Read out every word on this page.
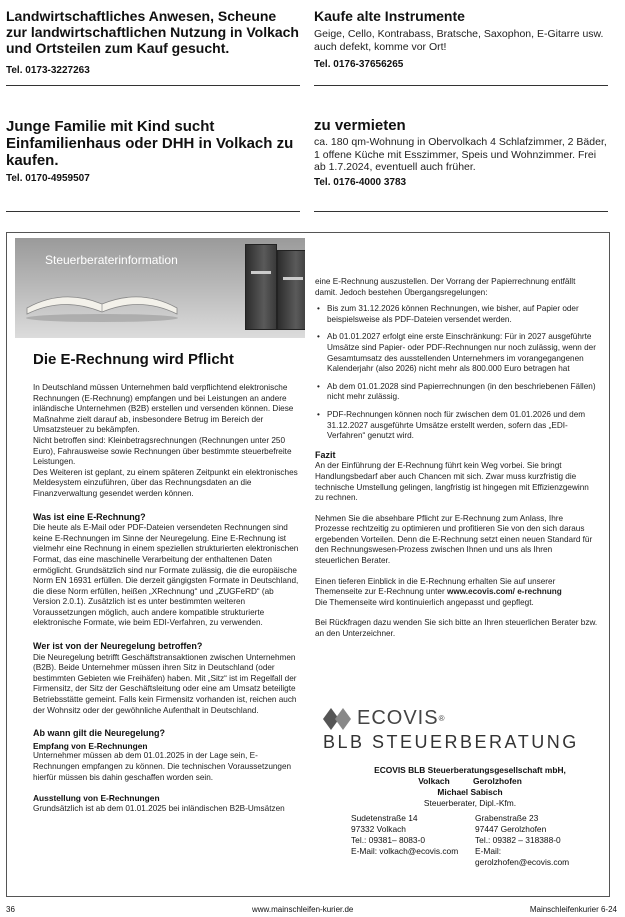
Landwirtschaftliches Anwesen, Scheune zur landwirtschaftlichen Nutzung in Volkach und Ortsteilen zum Kauf gesucht.
Tel. 0173-3227263
Kaufe alte Instrumente
Geige, Cello, Kontrabass, Bratsche, Saxophon, E-Gitarre usw. auch defekt, komme vor Ort!
Tel. 0176-37656265
Junge Familie mit Kind sucht Einfamilienhaus oder DHH in Volkach zu kaufen.
Tel. 0170-4959507
zu vermieten
ca. 180 qm-Wohnung in Obervolkach 4 Schlafzimmer, 2 Bäder, 1 offene Küche mit Esszimmer, Speis und Wohnzimmer. Frei ab 1.7.2024, eventuell auch früher.
Tel. 0176-4000 3783
Steuerberaterinformation
Die E-Rechnung wird Pflicht

In Deutschland müssen Unternehmen bald verpflichtend elektronische Rechnungen (E-Rechnung) empfangen und bei Leistungen an andere inländische Unternehmen (B2B) erstellen und versenden können. Diese Maßnahme zielt darauf ab, insbesondere Betrug im Bereich der Umsatzsteuer zu bekämpfen.

Nicht betroffen sind: Kleinbetragsrechnungen (Rechnungen unter 250 Euro), Fahrausweise sowie Rechnungen über bestimmte steuerbefreite Leistungen.

Des Weiteren ist geplant, zu einem späteren Zeitpunkt ein elektronisches Meldesystem einzuführen, über das Rechnungsdaten an die Finanzverwaltung gesendet werden können.

Was ist eine E-Rechnung?

Die heute als E-Mail oder PDF-Dateien versendeten Rechnungen sind keine E-Rechnungen im Sinne der Neuregelung. Eine E-Rechnung ist vielmehr eine Rechnung in einem speziellen strukturierten elektronischen Format, das eine maschinelle Verarbeitung der enthaltenen Daten ermöglicht. Grundsätzlich sind nur Formate zulässig, die die europäische Norm EN 16931 erfüllen. Die derzeit gängigsten Formate in Deutschland, die diese Norm erfüllen, heißen „XRechnung“ und „ZUGFeRD“ (ab Version 2.0.1). Zusätzlich ist es unter bestimmten weiteren Voraussetzungen möglich, auch andere kompatible strukturierte elektronische Formate, wie beim EDI-Verfahren, zu verwenden.

Wer ist von der Neuregelung betroffen?

Die Neuregelung betrifft Geschäftstransaktionen zwischen Unternehmen (B2B). Beide Unternehmer müssen ihren Sitz in Deutschland (oder bestimmten Gebieten wie Freihäfen) haben. Mit „Sitz“ ist im Regelfall der Firmensitz, der Sitz der Geschäftsleitung oder eine am Umsatz beteiligte Betriebsstätte gemeint. Falls kein Firmensitz vorhanden ist, reichen auch der Wohnsitz oder der gewöhnliche Aufenthalt in Deutschland.

Ab wann gilt die Neuregelung?
Empfang von E-Rechnungen

Unternehmer müssen ab dem 01.01.2025 in der Lage sein, E-Rechnungen empfangen zu können. Die technischen Voraussetzungen hierfür müssen bis dahin geschaffen worden sein.

Ausstellung von E-Rechnungen

Grundsätzlich ist ab dem 01.01.2025 bei inländischen B2B-Umsätzen

eine E-Rechnung auszustellen. Der Vorrang der Papierrechnung entfällt damit. Jedoch bestehen Übergangsregelungen:

• Bis zum 31.12.2026 können Rechnungen, wie bisher, auf Papier oder beispielsweise als PDF-Dateien versendet werden.
• Ab 01.01.2027 erfolgt eine erste Einschränkung: Für in 2027 ausgeführte Umsätze sind Papier- oder PDF-Rechnungen nur noch zulässig, wenn der Gesamtumsatz des ausstellenden Unternehmers im vorangegangenen Kalenderjahr (also 2026) nicht mehr als 800.000 Euro betragen hat
• Ab dem 01.01.2028 sind Papierrechnungen (in den beschriebenen Fällen) nicht mehr zulässig.
• PDF-Rechnungen können noch für zwischen dem 01.01.2026 und dem 31.12.2027 ausgeführte Umsätze erstellt werden, sofern das „EDI-Verfahren“ genutzt wird.
Fazit

An der Einführung der E-Rechnung führt kein Weg vorbei. Sie bringt Handlungsbedarf aber auch Chancen mit sich. Zwar muss kurzfristig die technische Umstellung gelingen, langfristig ist hingegen mit Effizienzgewinn zu rechnen.

Nehmen Sie die absehbare Pflicht zur E-Rechnung zum Anlass, Ihre Prozesse rechtzeitig zu optimieren und profitieren Sie von den sich daraus ergebenden Vorteilen. Denn die E-Rechnung setzt einen neuen Standard für den Rechnungswesen-Prozess zwischen Ihnen und uns als Ihren steuerlichen Berater.

Einen tieferen Einblick in die E-Rechnung erhalten Sie auf unserer Themenseite zur E-Rechnung unter www.ecovis.com/ e-rechnung

Die Themenseite wird kontinuierlich angepasst und gepflegt.

Bei Rückfragen dazu wenden Sie sich bitte an Ihren steuerlichen Berater bzw. an den Unterzeichner.

ECOVIS ®
BLB STEUERBERATUNG
ECOVIS BLB Steuerberatungsgesellschaft mbH,
Volkach          Gerolzhofen
Michael Sabisch
Steuerberater, Dipl.-Kfm.
Sudetenstraße 14
97332 Volkach
Tel.: 09381– 8083-0
E-Mail: volkach@ecovis.com
Grabenstraße 23
97447 Gerolzhofen
Tel.: 09382 – 318388-0
E-Mail: gerolzhofen@ecovis.com
36	www.mainschleifen-kurier.de	Mainschleifenkurier 6-24
